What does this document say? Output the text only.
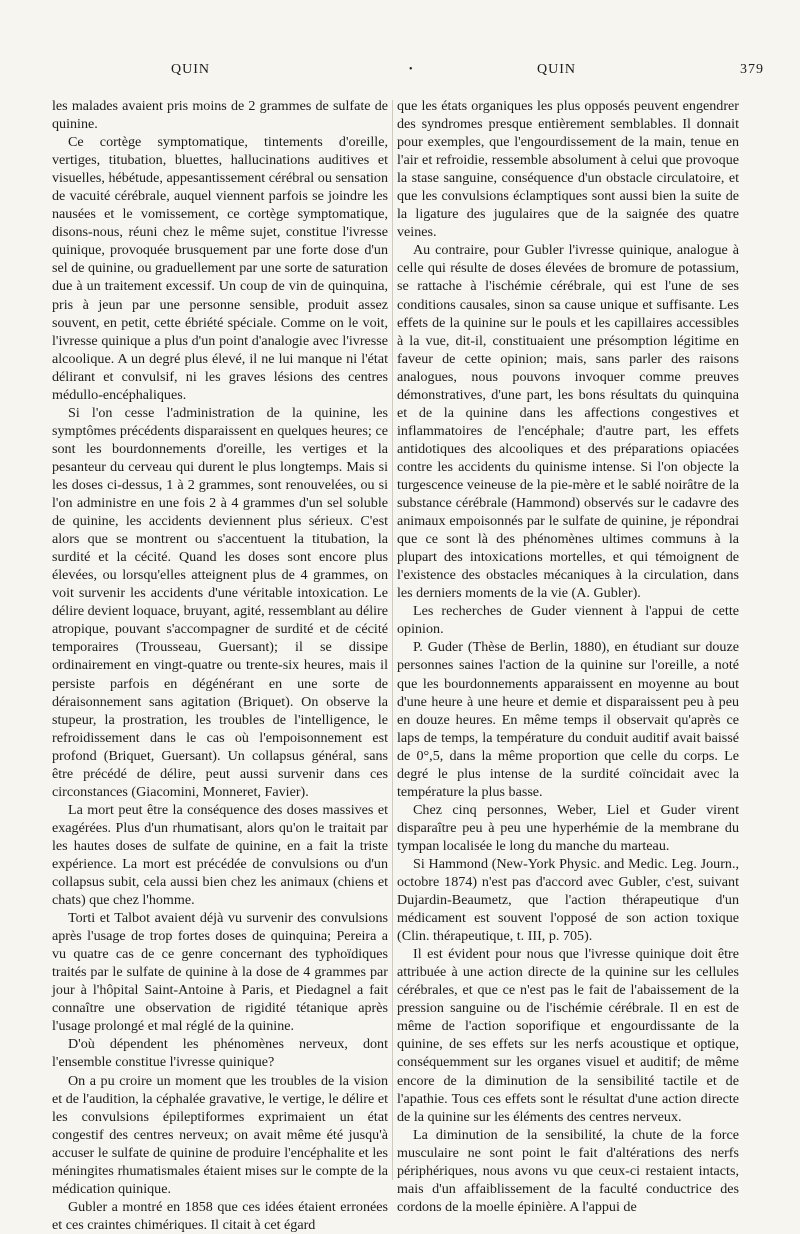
QUIN	•	QUIN	379

les malades avaient pris moins de 2 grammes de sulfate de quinine.

Ce cortège symptomatique, tintements d'oreille, vertiges, titubation, bluettes, hallucinations auditives et visuelles, hébétude, appesantissement cérébral ou sensation de vacuité cérébrale, auquel viennent parfois se joindre les nausées et le vomissement, ce cortège symptomatique, disons-nous, réuni chez le même sujet, constitue l'ivresse quinique, provoquée brusquement par une forte dose d'un sel de quinine, ou graduellement par une sorte de saturation due à un traitement excessif. Un coup de vin de quinquina, pris à jeun par une personne sensible, produit assez souvent, en petit, cette ébriété spéciale. Comme on le voit, l'ivresse quinique a plus d'un point d'analogie avec l'ivresse alcoolique. A un degré plus élevé, il ne lui manque ni l'état délirant et convulsif, ni les graves lésions des centres médullo-encéphaliques.

Si l'on cesse l'administration de la quinine, les symptômes précédents disparaissent en quelques heures; ce sont les bourdonnements d'oreille, les vertiges et la pesanteur du cerveau qui durent le plus longtemps. Mais si les doses ci-dessus, 1 à 2 grammes, sont renouvelées, ou si l'on administre en une fois 2 à 4 grammes d'un sel soluble de quinine, les accidents deviennent plus sérieux. C'est alors que se montrent ou s'accentuent la titubation, la surdité et la cécité. Quand les doses sont encore plus élevées, ou lorsqu'elles atteignent plus de 4 grammes, on voit survenir les accidents d'une véritable intoxication. Le délire devient loquace, bruyant, agité, ressemblant au délire atropique, pouvant s'accompagner de surdité et de cécité temporaires (Trousseau, Guersant); il se dissipe ordinairement en vingt-quatre ou trente-six heures, mais il persiste parfois en dégénérant en une sorte de déraisonnement sans agitation (Briquet). On observe la stupeur, la prostration, les troubles de l'intelligence, le refroidissement dans le cas où l'empoisonnement est profond (Briquet, Guersant). Un collapsus général, sans être précédé de délire, peut aussi survenir dans ces circonstances (Giacomini, Monneret, Favier).

La mort peut être la conséquence des doses massives et exagérées. Plus d'un rhumatisant, alors qu'on le traitait par les hautes doses de sulfate de quinine, en a fait la triste expérience. La mort est précédée de convulsions ou d'un collapsus subit, cela aussi bien chez les animaux (chiens et chats) que chez l'homme.

Torti et Talbot avaient déjà vu survenir des convulsions après l'usage de trop fortes doses de quinquina; Pereira a vu quatre cas de ce genre concernant des typhoïdiques traités par le sulfate de quinine à la dose de 4 grammes par jour à l'hôpital Saint-Antoine à Paris, et Piedagnel a fait connaître une observation de rigidité tétanique après l'usage prolongé et mal réglé de la quinine.

D'où dépendent les phénomènes nerveux, dont l'ensemble constitue l'ivresse quinique?

On a pu croire un moment que les troubles de la vision et de l'audition, la céphalée gravative, le vertige, le délire et les convulsions épileptiformes exprimaient un état congestif des centres nerveux; on avait même été jusqu'à accuser le sulfate de quinine de produire l'encéphalite et les méningites rhumatismales étaient mises sur le compte de la médication quinique.

Gubler a montré en 1858 que ces idées étaient erronées et ces craintes chimériques. Il citait à cet égard

que les états organiques les plus opposés peuvent engendrer des syndromes presque entièrement semblables. Il donnait pour exemples, que l'engourdissement de la main, tenue en l'air et refroidie, ressemble absolument à celui que provoque la stase sanguine, conséquence d'un obstacle circulatoire, et que les convulsions éclamptiques sont aussi bien la suite de la ligature des jugulaires que de la saignée des quatre veines.

Au contraire, pour Gubler l'ivresse quinique, analogue à celle qui résulte de doses élevées de bromure de potassium, se rattache à l'ischémie cérébrale, qui est l'une de ses conditions causales, sinon sa cause unique et suffisante. Les effets de la quinine sur le pouls et les capillaires accessibles à la vue, dit-il, constituaient une présomption légitime en faveur de cette opinion; mais, sans parler des raisons analogues, nous pouvons invoquer comme preuves démonstratives, d'une part, les bons résultats du quinquina et de la quinine dans les affections congestives et inflammatoires de l'encéphale; d'autre part, les effets antidotiques des alcooliques et des préparations opiacées contre les accidents du quinisme intense. Si l'on objecte la turgescence veineuse de la pie-mère et le sablé noirâtre de la substance cérébrale (Hammond) observés sur le cadavre des animaux empoisonnés par le sulfate de quinine, je répondrai que ce sont là des phénomènes ultimes communs à la plupart des intoxications mortelles, et qui témoignent de l'existence des obstacles mécaniques à la circulation, dans les derniers moments de la vie (A. Gubler).

Les recherches de Guder viennent à l'appui de cette opinion.

P. Guder (Thèse de Berlin, 1880), en étudiant sur douze personnes saines l'action de la quinine sur l'oreille, a noté que les bourdonnements apparaissent en moyenne au bout d'une heure à une heure et demie et disparaissent peu à peu en douze heures. En même temps il observait qu'après ce laps de temps, la température du conduit auditif avait baissé de 0°,5, dans la même proportion que celle du corps. Le degré le plus intense de la surdité coïncidait avec la température la plus basse.

Chez cinq personnes, Weber, Liel et Guder virent disparaître peu à peu une hyperhémie de la membrane du tympan localisée le long du manche du marteau.

Si Hammond (New-York Physic. and Medic. Leg. Journ., octobre 1874) n'est pas d'accord avec Gubler, c'est, suivant Dujardin-Beaumetz, que l'action thérapeutique d'un médicament est souvent l'opposé de son action toxique (Clin. thérapeutique, t. III, p. 705).

Il est évident pour nous que l'ivresse quinique doit être attribuée à une action directe de la quinine sur les cellules cérébrales, et que ce n'est pas le fait de l'abaissement de la pression sanguine ou de l'ischémie cérébrale. Il en est de même de l'action soporifique et engourdissante de la quinine, de ses effets sur les nerfs acoustique et optique, conséquemment sur les organes visuel et auditif; de même encore de la diminution de la sensibilité tactile et de l'apathie. Tous ces effets sont le résultat d'une action directe de la quinine sur les éléments des centres nerveux.

La diminution de la sensibilité, la chute de la force musculaire ne sont point le fait d'altérations des nerfs périphériques, nous avons vu que ceux-ci restaient intacts, mais d'un affaiblissement de la faculté conductrice des cordons de la moelle épinière. A l'appui de
